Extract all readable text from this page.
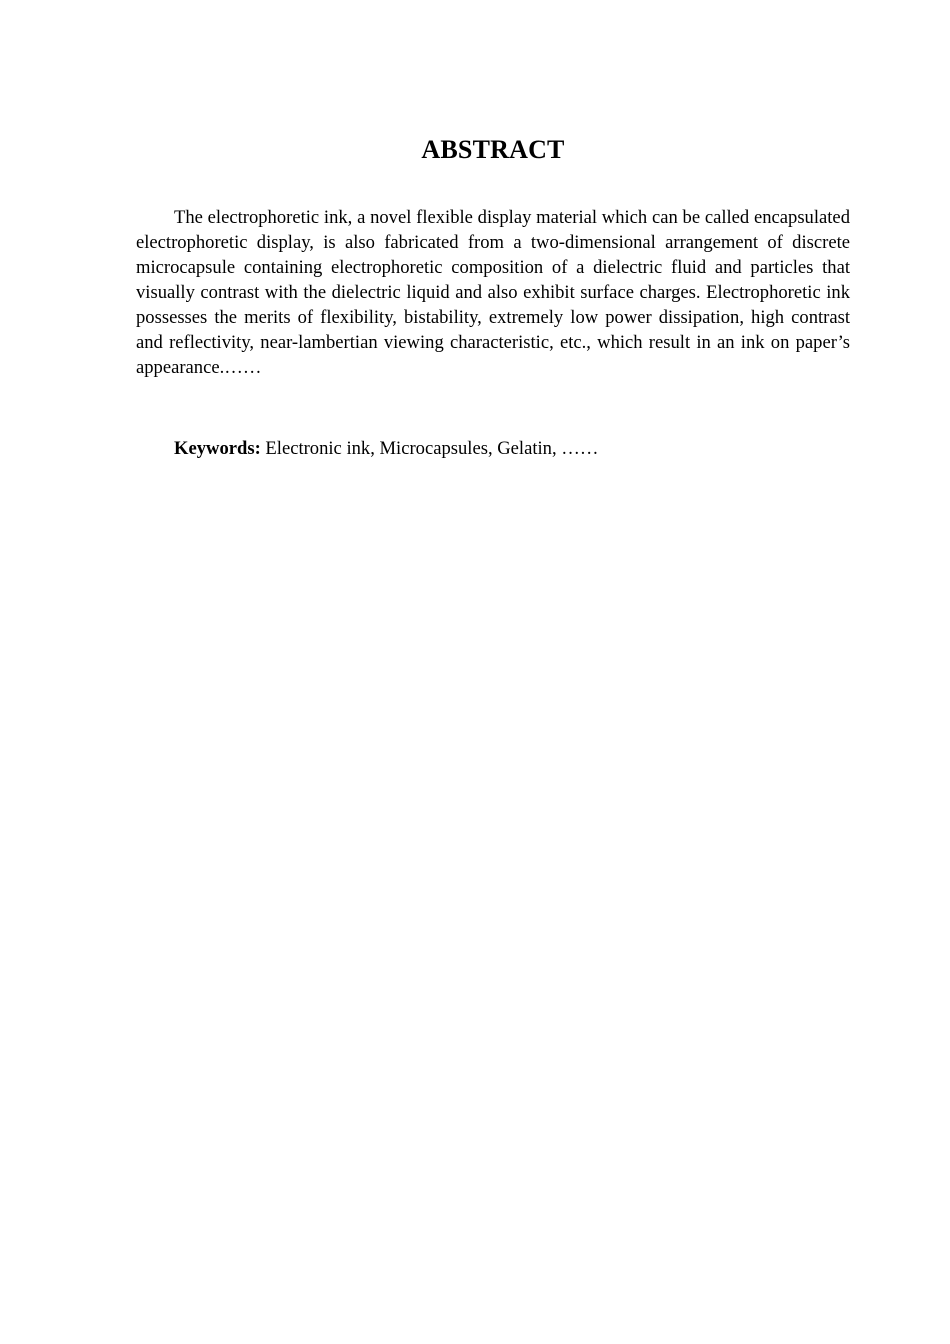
ABSTRACT

The electrophoretic ink, a novel flexible display material which can be called encapsulated electrophoretic display, is also fabricated from a two-dimensional arrangement of discrete microcapsule containing electrophoretic composition of a dielectric fluid and particles that visually contrast with the dielectric liquid and also exhibit surface charges. Electrophoretic ink possesses the merits of flexibility, bistability, extremely low power dissipation, high contrast and reflectivity, near-lambertian viewing characteristic, etc., which result in an ink on paper’s appearance.……

Keywords: Electronic ink, Microcapsules, Gelatin, ……
